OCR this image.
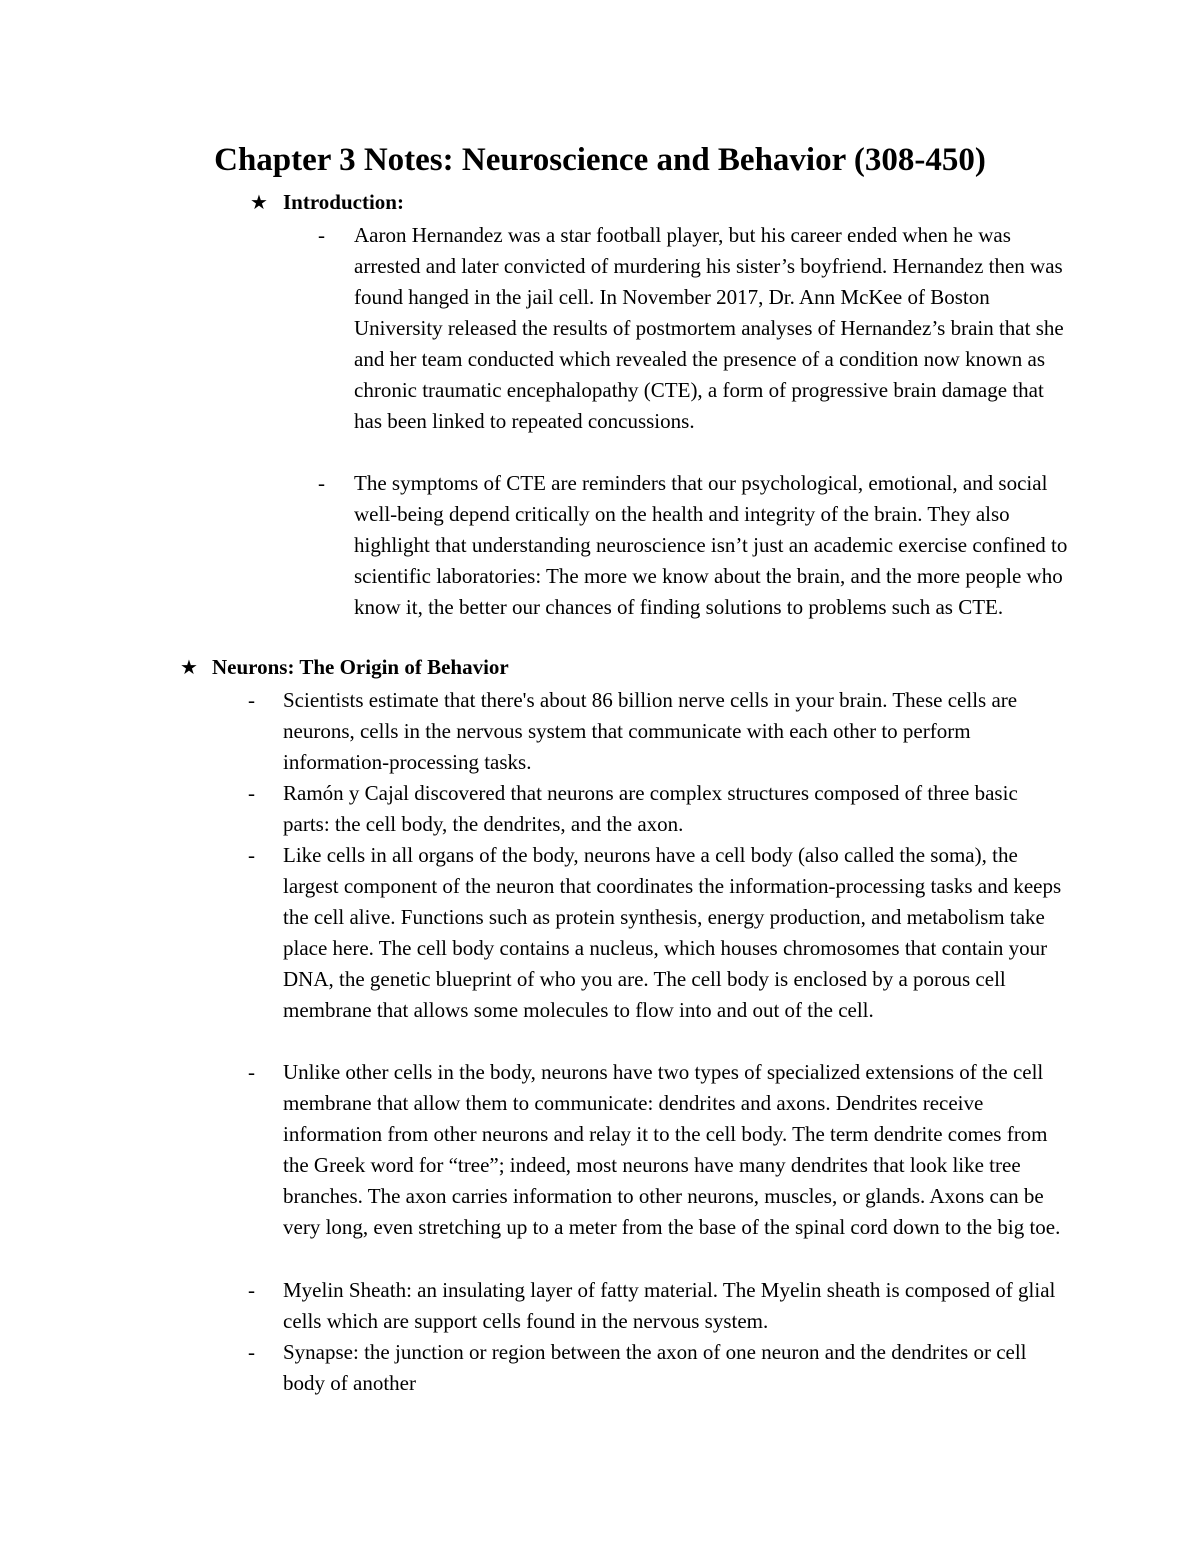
Chapter 3 Notes: Neuroscience and Behavior (308-450)
★ Introduction:
- Aaron Hernandez was a star football player, but his career ended when he was arrested and later convicted of murdering his sister’s boyfriend. Hernandez then was found hanged in the jail cell. In November 2017, Dr. Ann McKee of Boston University released the results of postmortem analyses of Hernandez’s brain that she and her team conducted which revealed the presence of a condition now known as chronic traumatic encephalopathy (CTE), a form of progressive brain damage that has been linked to repeated concussions.
- The symptoms of CTE are reminders that our psychological, emotional, and social well-being depend critically on the health and integrity of the brain. They also highlight that understanding neuroscience isn’t just an academic exercise confined to scientific laboratories: The more we know about the brain, and the more people who know it, the better our chances of finding solutions to problems such as CTE.
★ Neurons: The Origin of Behavior
- Scientists estimate that there's about 86 billion nerve cells in your brain. These cells are neurons, cells in the nervous system that communicate with each other to perform information-processing tasks.
- Ramón y Cajal discovered that neurons are complex structures composed of three basic parts: the cell body, the dendrites, and the axon.
- Like cells in all organs of the body, neurons have a cell body (also called the soma), the largest component of the neuron that coordinates the information-processing tasks and keeps the cell alive. Functions such as protein synthesis, energy production, and metabolism take place here. The cell body contains a nucleus, which houses chromosomes that contain your DNA, the genetic blueprint of who you are. The cell body is enclosed by a porous cell membrane that allows some molecules to flow into and out of the cell.
- Unlike other cells in the body, neurons have two types of specialized extensions of the cell membrane that allow them to communicate: dendrites and axons. Dendrites receive information from other neurons and relay it to the cell body. The term dendrite comes from the Greek word for “tree”; indeed, most neurons have many dendrites that look like tree branches. The axon carries information to other neurons, muscles, or glands. Axons can be very long, even stretching up to a meter from the base of the spinal cord down to the big toe.
- Myelin Sheath: an insulating layer of fatty material. The Myelin sheath is composed of glial cells which are support cells found in the nervous system.
- Synapse: the junction or region between the axon of one neuron and the dendrites or cell body of another
